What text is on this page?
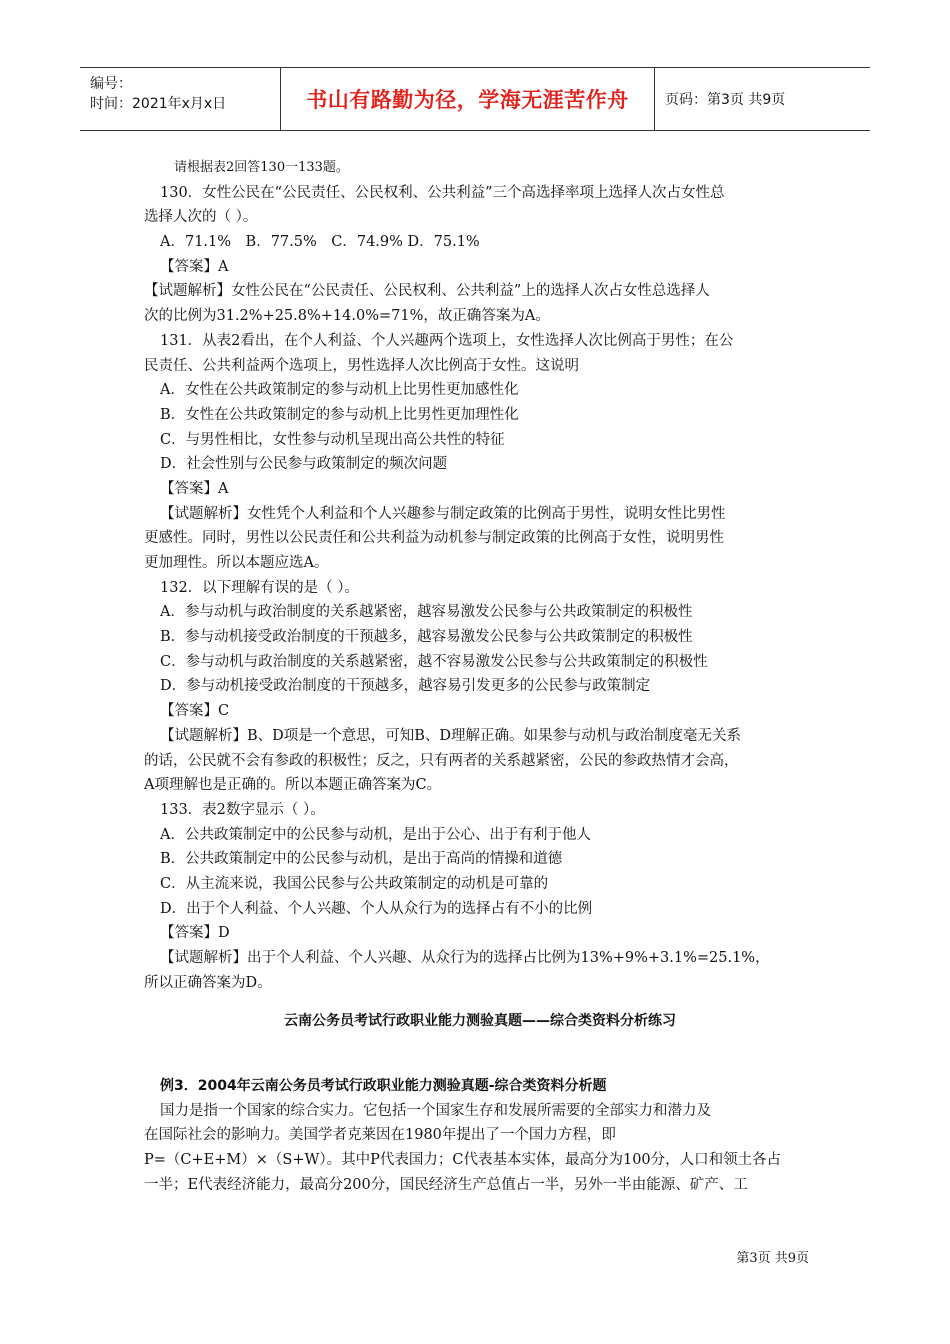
编号：
时间：2021年x月x日	书山有路勤为径，学海无涯苦作舟	页码：第3页 共9页
请根据表2回答130一133题。
130．女性公民在“公民责任、公民权利、公共利益”三个高选择率项上选择人次占女性总
选择人次的（ ）。
A．71.1%　B．77.5%　C．74.9% D．75.1%
【答案】A
【试题解析】女性公民在“公民责任、公民权利、公共利益”上的选择人次占女性总选择人
次的比例为31.2%+25.8%+14.0%=71%，故正确答案为A。
131．从表2看出，在个人利益、个人兴趣两个选项上，女性选择人次比例高于男性；在公
民责任、公共利益两个选项上，男性选择人次比例高于女性。这说明
A．女性在公共政策制定的参与动机上比男性更加感性化
B．女性在公共政策制定的参与动机上比男性更加理性化
C．与男性相比，女性参与动机呈现出高公共性的特征
D．社会性别与公民参与政策制定的频次问题
【答案】A
【试题解析】女性凭个人利益和个人兴趣参与制定政策的比例高于男性，说明女性比男性
更感性。同时，男性以公民责任和公共利益为动机参与制定政策的比例高于女性，说明男性
更加理性。所以本题应选A。
132．以下理解有误的是（ ）。
A．参与动机与政治制度的关系越紧密，越容易激发公民参与公共政策制定的积极性
B．参与动机接受政治制度的干预越多，越容易激发公民参与公共政策制定的积极性
C．参与动机与政治制度的关系越紧密，越不容易激发公民参与公共政策制定的积极性
D．参与动机接受政治制度的干预越多，越容易引发更多的公民参与政策制定
【答案】C
【试题解析】B、D项是一个意思，可知B、D理解正确。如果参与动机与政治制度毫无关系
的话，公民就不会有参政的积极性；反之，只有两者的关系越紧密，公民的参政热情才会高，
A项理解也是正确的。所以本题正确答案为C。
133．表2数字显示（ ）。
A．公共政策制定中的公民参与动机，是出于公心、出于有利于他人
B．公共政策制定中的公民参与动机，是出于高尚的情操和道德
C．从主流来说，我国公民参与公共政策制定的动机是可靠的
D．出于个人利益、个人兴趣、个人从众行为的选择占有不小的比例
【答案】D
【试题解析】出于个人利益、个人兴趣、从众行为的选择占比例为13%+9%+3.1%=25.1%，
所以正确答案为D。
云南公务员考试行政职业能力测验真题——综合类资料分析练习
例3．2004年云南公务员考试行政职业能力测验真题-综合类资料分析题
国力是指一个国家的综合实力。它包括一个国家生存和发展所需要的全部实力和潜力及
在国际社会的影响力。美国学者克莱因在1980年提出了一个国力方程，即
P=（C+E+M）×（S+W）。其中P代表国力；C代表基本实体，最高分为100分，人口和领土各占
一半；E代表经济能力，最高分200分，国民经济生产总值占一半，另外一半由能源、矿产、工
第3页 共9页
